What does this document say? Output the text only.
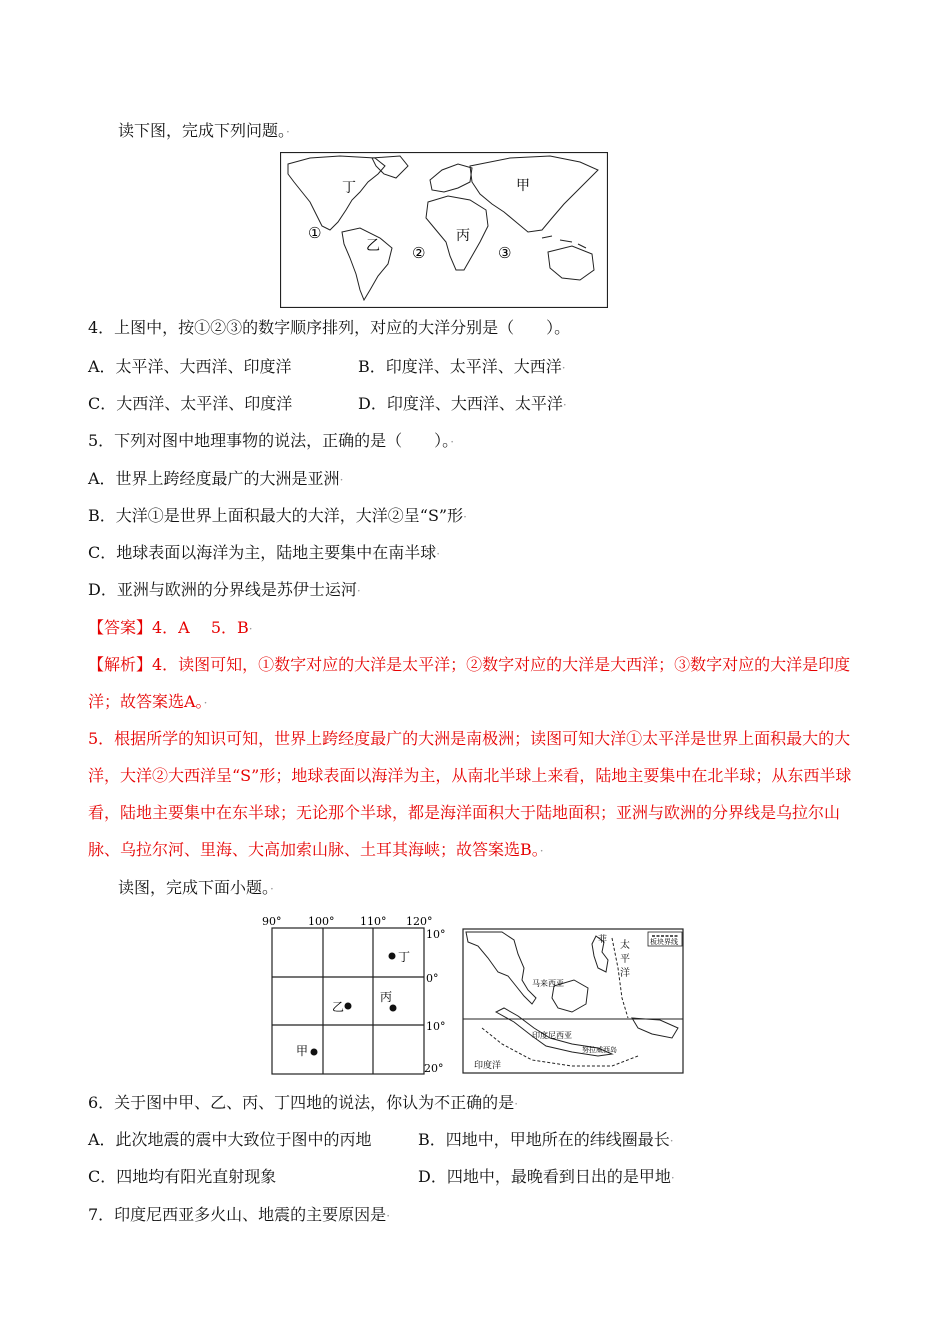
读下图，完成下列问题。·
丁	甲
乙
丙
①
②	③
4．上图中，按①②③的数字顺序排列，对应的大洋分别是（　　）。
A．太平洋、大西洋、印度洋	B．印度洋、太平洋、大西洋·
C．大西洋、太平洋、印度洋	D．印度洋、大西洋、太平洋·
5．下列对图中地理事物的说法，正确的是（　　）。·
A．世界上跨经度最广的大洲是亚洲·
B．大洋①是世界上面积最大的大洋，大洋②呈“S”形·
C．地球表面以海洋为主，陆地主要集中在南半球·
D．亚洲与欧洲的分界线是苏伊士运河·
【答案】4．A　 5．B·
【解析】4．读图可知，①数字对应的大洋是太平洋；②数字对应的大洋是大西洋；③数字对应的大洋是印度洋；故答案选A。·
5．根据所学的知识可知，世界上跨经度最广的大洲是南极洲；读图可知大洋①太平洋是世界上面积最大的大洋，大洋②大西洋呈“S”形；地球表面以海洋为主，从南北半球上来看，陆地主要集中在北半球；从东西半球看，陆地主要集中在东半球；无论那个半球，都是海洋面积大于陆地面积；亚洲与欧洲的分界线是乌拉尔山脉、乌拉尔河、里海、大高加索山脉、土耳其海峡；故答案选B。·
读图，完成下面小题。·
90° 100° 110° 120°
10°
0°
10°
20°
丁
乙
丙
甲
板块界线
太
平
洋
菲
马来西亚
印度尼西亚
努拉威西岛
印度洋
6．关于图中甲、乙、丙、丁四地的说法，你认为不正确的是·
A．此次地震的震中大致位于图中的丙地	B．四地中，甲地所在的纬线圈最长·
C．四地均有阳光直射现象	D．四地中，最晚看到日出的是甲地·
7．印度尼西亚多火山、地震的主要原因是·
